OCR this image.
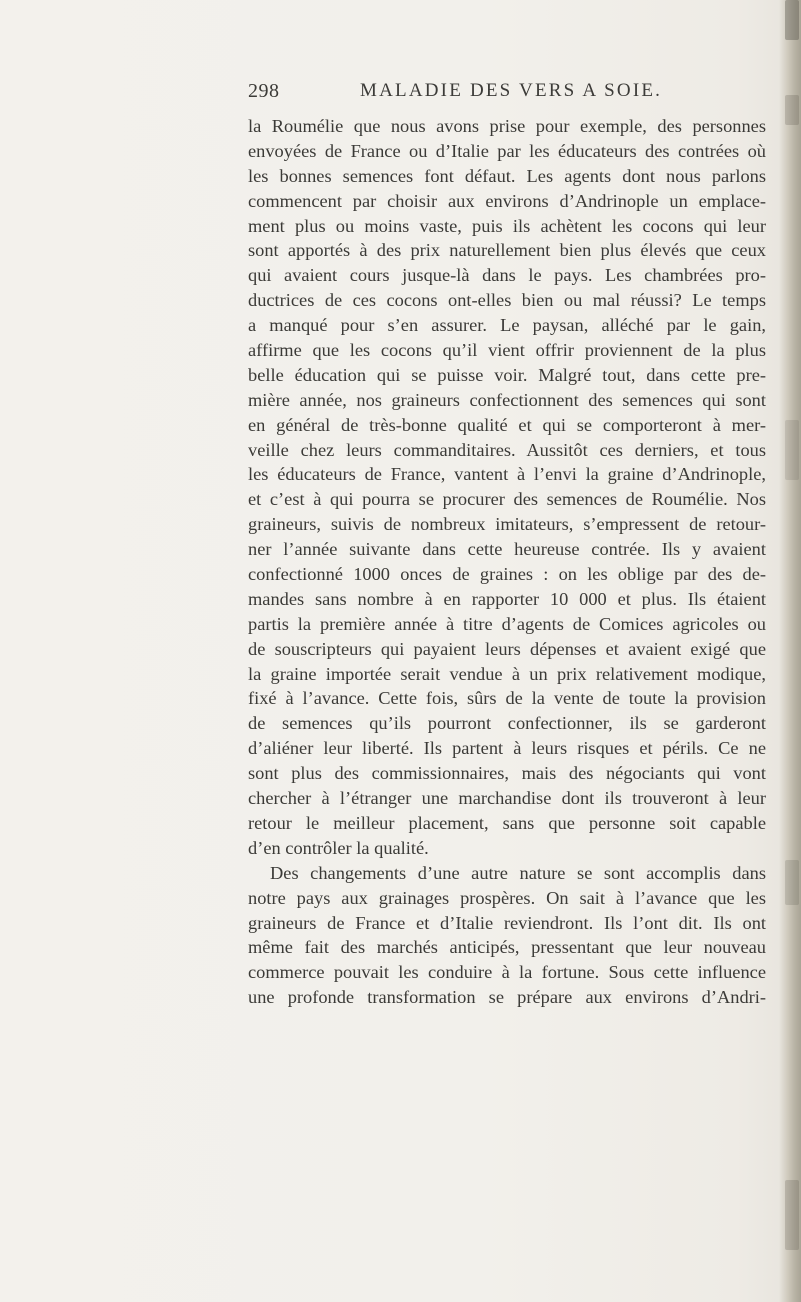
298	MALADIE DES VERS A SOIE.
la Roumélie que nous avons prise pour exemple, des personnes
envoyées de France ou d’Italie par les éducateurs des contrées où
les bonnes semences font défaut. Les agents dont nous parlons
commencent par choisir aux environs d’Andrinople un emplace-
ment plus ou moins vaste, puis ils achètent les cocons qui leur
sont apportés à des prix naturellement bien plus élevés que ceux
qui avaient cours jusque-là dans le pays. Les chambrées pro-
ductrices de ces cocons ont-elles bien ou mal réussi? Le temps
a manqué pour s’en assurer. Le paysan, alléché par le gain,
affirme que les cocons qu’il vient offrir proviennent de la plus
belle éducation qui se puisse voir. Malgré tout, dans cette pre-
mière année, nos graineurs confectionnent des semences qui sont
en général de très-bonne qualité et qui se comporteront à mer-
veille chez leurs commanditaires. Aussitôt ces derniers, et tous
les éducateurs de France, vantent à l’envi la graine d’Andrinople,
et c’est à qui pourra se procurer des semences de Roumélie. Nos
graineurs, suivis de nombreux imitateurs, s’empressent de retour-
ner l’année suivante dans cette heureuse contrée. Ils y avaient
confectionné 1000 onces de graines : on les oblige par des de-
mandes sans nombre à en rapporter 10 000 et plus. Ils étaient
partis la première année à titre d’agents de Comices agricoles ou
de souscripteurs qui payaient leurs dépenses et avaient exigé que
la graine importée serait vendue à un prix relativement modique,
fixé à l’avance. Cette fois, sûrs de la vente de toute la provision
de semences qu’ils pourront confectionner, ils se garderont
d’aliéner leur liberté. Ils partent à leurs risques et périls. Ce ne
sont plus des commissionnaires, mais des négociants qui vont
chercher à l’étranger une marchandise dont ils trouveront à leur
retour le meilleur placement, sans que personne soit capable
d’en contrôler la qualité.
Des changements d’une autre nature se sont accomplis dans
notre pays aux grainages prospères. On sait à l’avance que les
graineurs de France et d’Italie reviendront. Ils l’ont dit. Ils ont
même fait des marchés anticipés, pressentant que leur nouveau
commerce pouvait les conduire à la fortune. Sous cette influence
une profonde transformation se prépare aux environs d’Andri-
